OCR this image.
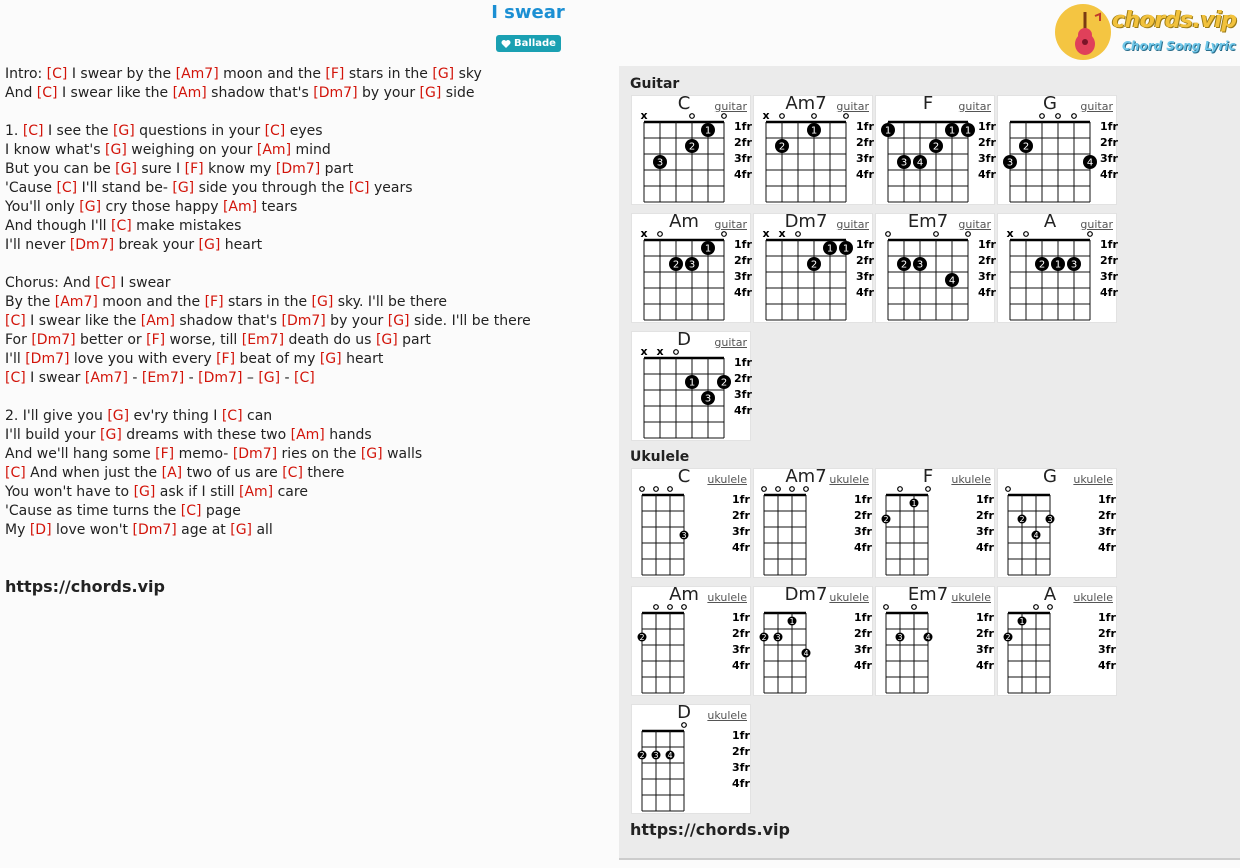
I swear
Ballade
chords.vip
Chord Song Lyric
Intro: [C] I swear by the [Am7] moon and the [F] stars in the [G] sky
And [C] I swear like the [Am] shadow that's [Dm7] by your [G] side
1. [C] I see the [G] questions in your [C] eyes
I know what's [G] weighing on your [Am] mind
But you can be [G] sure I [F] know my [Dm7] part
'Cause [C] I'll stand be- [G] side you through the [C] years
You'll only [G] cry those happy [Am] tears
And though I'll [C] make mistakes
I'll never [Dm7] break your [G] heart
Chorus: And [C] I swear
By the [Am7] moon and the [F] stars in the [G] sky. I'll be there
[C] I swear like the [Am] shadow that's [Dm7] by your [G] side. I'll be there
For [Dm7] better or [F] worse, till [Em7] death do us [G] part
I'll [Dm7] love you with every [F] beat of my [G] heart
[C] I swear [Am7] - [Em7] - [Dm7] – [G] - [C]
2. I'll give you [G] ev'ry thing I [C] can
I'll build your [G] dreams with these two [Am] hands
And we'll hang some [F] memo- [Dm7] ries on the [G] walls
[C] And when just the [A] two of us are [C] there
You won't have to [G] ask if I still [Am] care
'Cause as time turns the [C] page
My [D] love won't [Dm7] age at [G] all
https://chords.vip
Guitar
Ukulele
https://chords.vip
C	guitar
x
1fr
2fr
3fr
4fr
1
2
3
Am7 guitar
x
1fr
2fr
3fr
4fr
1
2
F	guitar
1fr
2fr
3fr
4fr
1	1 1
2
3 4
G	guitar
1fr
2fr
3fr
4fr
2
3	4
Am	guitar
x
1fr
2fr
3fr
4fr
1
2 3
Dm7 guitar
x x
1fr
2fr
3fr
4fr
1 1
2
Em7 guitar
1fr
2fr
3fr
4fr
2 3
4
A	guitar
x
1fr
2fr
3fr
4fr
2 1 3
D	guitar
x x
1fr
2fr
3fr
4fr
1	2
3
C	ukulele
1fr
2fr
3fr
4fr
3
Am7 ukulele
1fr
2fr
3fr
4fr
F	ukulele
1fr
2fr
3fr
4fr
2
1
G	ukulele
1fr
2fr
3fr
4fr
2	3
4
Am ukulele
1fr
2fr
3fr
4fr
2
Dm7 ukulele
1fr
2fr
3fr
4fr
1
2 3
4
Em7 ukulele
1fr
2fr
3fr
4fr
3	4
A	ukulele
1fr
2fr
3fr
4fr
2
1
D	ukulele
1fr
2fr
3fr
4fr
2 3 4
